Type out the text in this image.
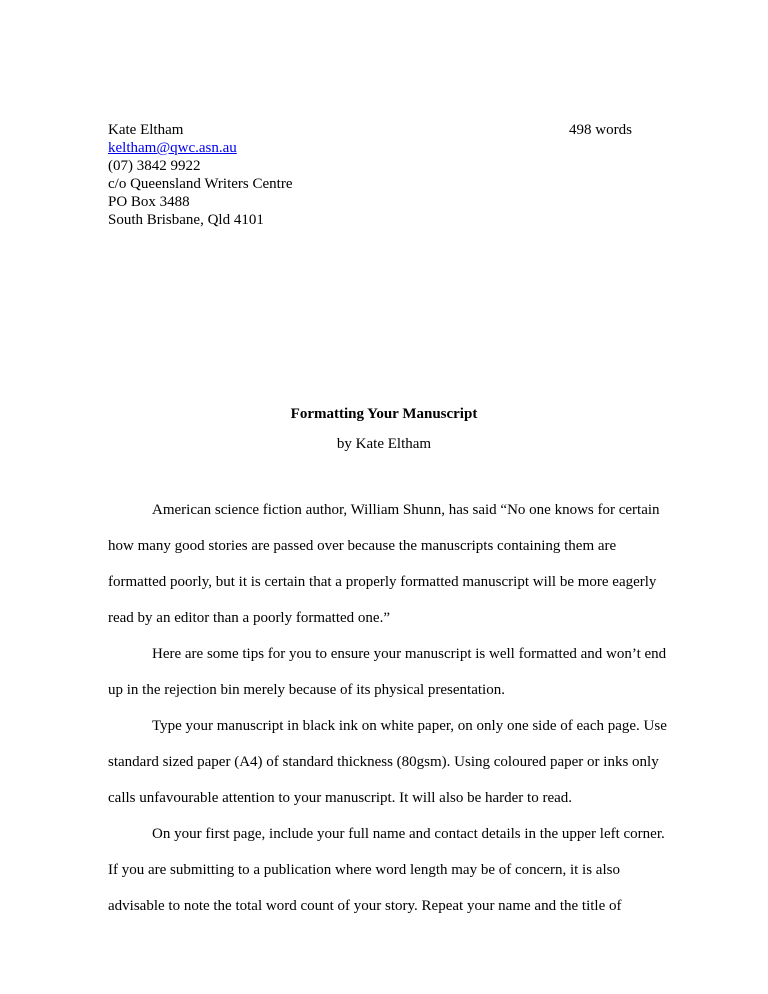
Kate Eltham
keltham@qwc.asn.au
(07) 3842 9922
c/o Queensland Writers Centre
PO Box 3488
South Brisbane, Qld 4101
498 words
Formatting Your Manuscript
by Kate Eltham

American science fiction author, William Shunn, has said “No one knows for certain how many good stories are passed over because the manuscripts containing them are formatted poorly, but it is certain that a properly formatted manuscript will be more eagerly read by an editor than a poorly formatted one.”

Here are some tips for you to ensure your manuscript is well formatted and won’t end up in the rejection bin merely because of its physical presentation.

Type your manuscript in black ink on white paper, on only one side of each page. Use standard sized paper (A4) of standard thickness (80gsm). Using coloured paper or inks only calls unfavourable attention to your manuscript. It will also be harder to read.

On your first page, include your full name and contact details in the upper left corner. If you are submitting to a publication where word length may be of concern, it is also advisable to note the total word count of your story. Repeat your name and the title of
